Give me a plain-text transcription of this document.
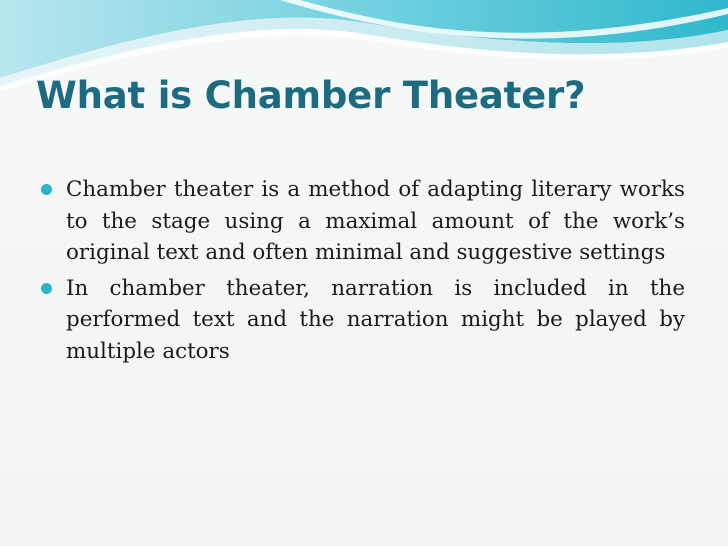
What is Chamber Theater?
Chamber theater is a method of adapting literary works to the stage using a maximal amount of the work’s original text and often minimal and suggestive settings
In chamber theater, narration is included in the performed text and the narration might be played by multiple actors
